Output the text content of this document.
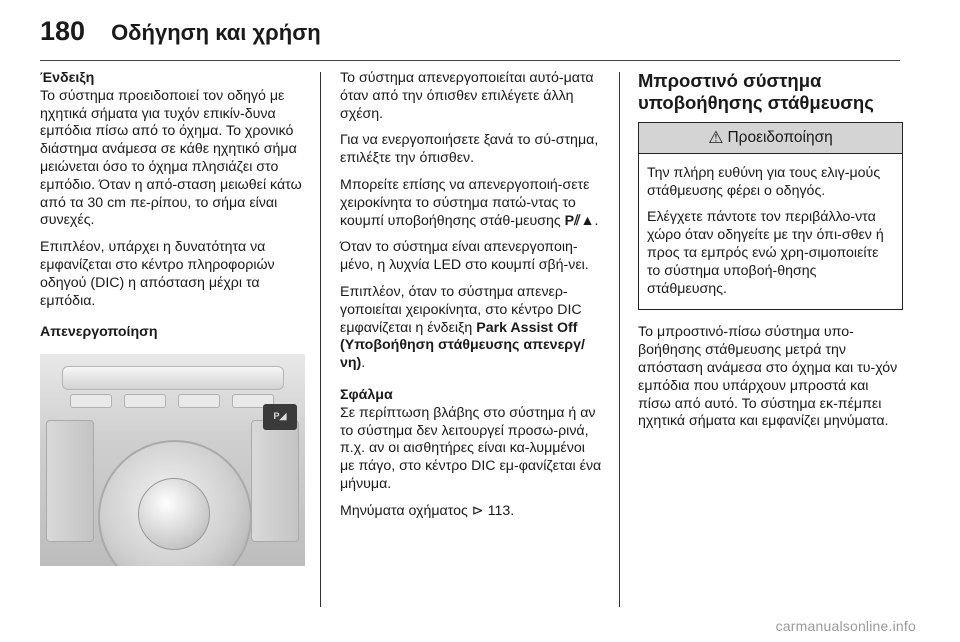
180 Οδήγηση και χρήση
Ένδειξη

Το σύστημα προειδοποιεί τον οδηγό με ηχητικά σήματα για τυχόν επικίν-δυνα εμπόδια πίσω από το όχημα. Το χρονικό διάστημα ανάμεσα σε κάθε ηχητικό σήμα μειώνεται όσο το όχημα πλησιάζει στο εμπόδιο. Όταν η από-σταση μειωθεί κάτω από τα 30 cm πε-ρίπου, το σήμα είναι συνεχές.

Επιπλέον, υπάρχει η δυνατότητα να εμφανίζεται στο κέντρο πληροφοριών οδηγού (DIC) η απόσταση μέχρι τα εμπόδια.

Απενεργοποίηση
P◢

Το σύστημα απενεργοποιείται αυτό-ματα όταν από την όπισθεν επιλέγετε άλλη σχέση.

Για να ενεργοποιήσετε ξανά το σύ-στημα, επιλέξτε την όπισθεν.

Μπορείτε επίσης να απενεργοποιή-σετε χειροκίνητα το σύστημα πατώ-ντας το κουμπί υποβοήθησης στάθ-μευσης P⫽▲.

Όταν το σύστημα είναι απενεργοποιη-μένο, η λυχνία LED στο κουμπί σβή-νει.

Επιπλέον, όταν το σύστημα απενερ-γοποιείται χειροκίνητα, στο κέντρο DIC εμφανίζεται η ένδειξη Park Assist Off (Υποβοήθηση στάθμευσης απενεργ/νη).

Σφάλμα

Σε περίπτωση βλάβης στο σύστημα ή αν το σύστημα δεν λειτουργεί προσω-ρινά, π.χ. αν οι αισθητήρες είναι κα-λυμμένοι με πάγο, στο κέντρο DIC εμ-φανίζεται ένα μήνυμα.

Μηνύματα οχήματος ⊳ 113.

Μπροστινό σύστημα υποβοήθησης στάθμευσης
⚠ Προειδοποίηση

Την πλήρη ευθύνη για τους ελιγ-μούς στάθμευσης φέρει ο οδηγός.

Ελέγχετε πάντοτε τον περιβάλλο-ντα χώρο όταν οδηγείτε με την όπι-σθεν ή προς τα εμπρός ενώ χρη-σιμοποιείτε το σύστημα υποβοή-θησης στάθμευσης.

Το μπροστινό-πίσω σύστημα υπο-βοήθησης στάθμευσης μετρά την απόσταση ανάμεσα στο όχημα και τυ-χόν εμπόδια που υπάρχουν μπροστά και πίσω από αυτό. Το σύστημα εκ-πέμπει ηχητικά σήματα και εμφανίζει μηνύματα.

carmanualsonline.info
